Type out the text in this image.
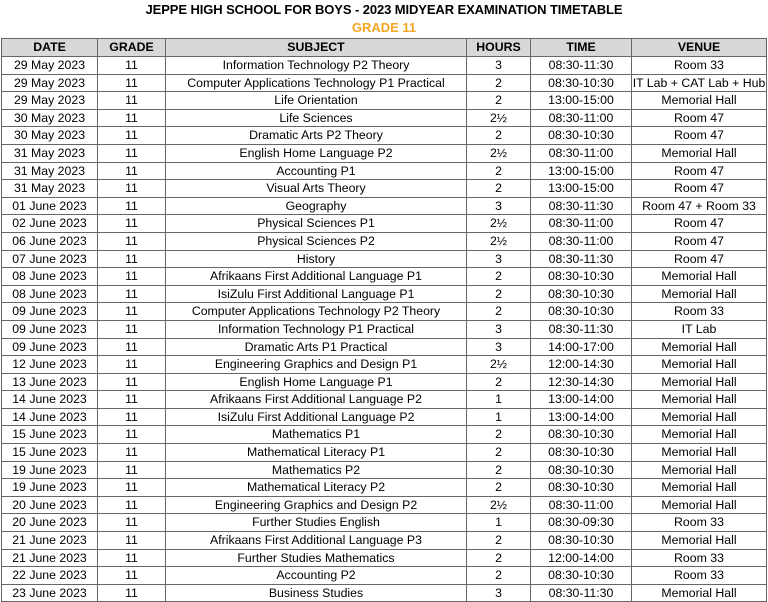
JEPPE HIGH SCHOOL FOR BOYS - 2023 MIDYEAR EXAMINATION TIMETABLE
GRADE 11
DATE	GRADE	SUBJECT	HOURS	TIME	VENUE
29 May 2023	11	Information Technology P2 Theory	3	08:30-11:30	Room 33
29 May 2023	11	Computer Applications Technology P1 Practical	2	08:30-10:30	IT Lab + CAT Lab + Hub
29 May 2023	11	Life Orientation	2	13:00-15:00	Memorial Hall
30 May 2023	11	Life Sciences	2½	08:30-11:00	Room 47
30 May 2023	11	Dramatic Arts P2 Theory	2	08:30-10:30	Room 47
31 May 2023	11	English Home Language P2	2½	08:30-11:00	Memorial Hall
31 May 2023	11	Accounting P1	2	13:00-15:00	Room 47
31 May 2023	11	Visual Arts Theory	2	13:00-15:00	Room 47
01 June 2023	11	Geography	3	08:30-11:30	Room 47 + Room 33
02 June 2023	11	Physical Sciences P1	2½	08:30-11:00	Room 47
06 June 2023	11	Physical Sciences P2	2½	08:30-11:00	Room 47
07 June 2023	11	History	3	08:30-11:30	Room 47
08 June 2023	11	Afrikaans First Additional Language P1	2	08:30-10:30	Memorial Hall
08 June 2023	11	IsiZulu First Additional Language P1	2	08:30-10:30	Memorial Hall
09 June 2023	11	Computer Applications Technology P2 Theory	2	08:30-10:30	Room 33
09 June 2023	11	Information Technology P1 Practical	3	08:30-11:30	IT Lab
09 June 2023	11	Dramatic Arts P1 Practical	3	14:00-17:00	Memorial Hall
12 June 2023	11	Engineering Graphics and Design P1	2½	12:00-14:30	Memorial Hall
13 June 2023	11	English Home Language P1	2	12:30-14:30	Memorial Hall
14 June 2023	11	Afrikaans First Additional Language P2	1	13:00-14:00	Memorial Hall
14 June 2023	11	IsiZulu First Additional Language P2	1	13:00-14:00	Memorial Hall
15 June 2023	11	Mathematics P1	2	08:30-10:30	Memorial Hall
15 June 2023	11	Mathematical Literacy P1	2	08:30-10:30	Memorial Hall
19 June 2023	11	Mathematics P2	2	08:30-10:30	Memorial Hall
19 June 2023	11	Mathematical Literacy P2	2	08:30-10:30	Memorial Hall
20 June 2023	11	Engineering Graphics and Design P2	2½	08:30-11:00	Memorial Hall
20 June 2023	11	Further Studies English	1	08:30-09:30	Room 33
21 June 2023	11	Afrikaans First Additional Language P3	2	08:30-10:30	Memorial Hall
21 June 2023	11	Further Studies Mathematics	2	12:00-14:00	Room 33
22 June 2023	11	Accounting P2	2	08:30-10:30	Room 33
23 June 2023	11	Business Studies	3	08:30-11:30	Memorial Hall
